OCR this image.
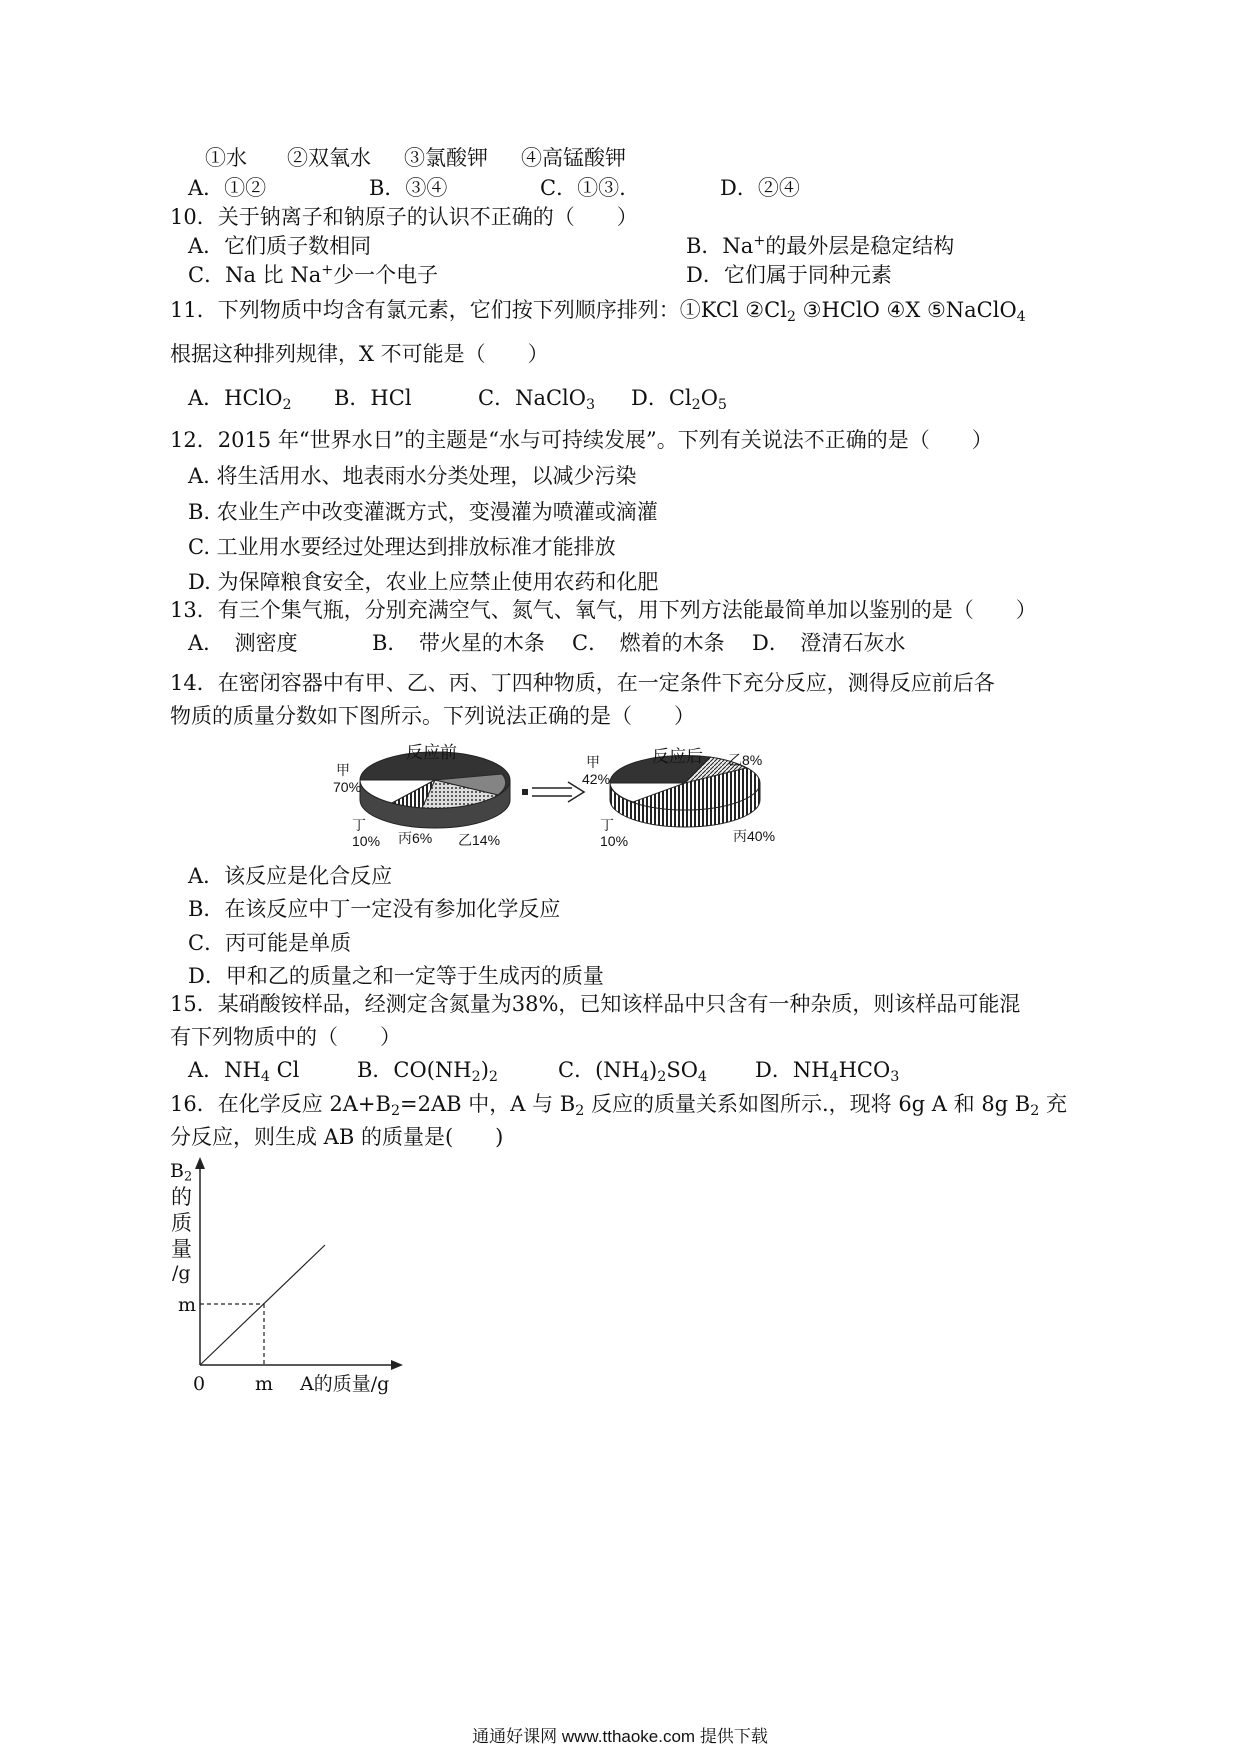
①水 ②双氧水 ③氯酸钾 ④高锰酸钾
A．①②	B．③④	C．①③.	D．②④
10．关于钠离子和钠原子的认识不正确的（　　）
A．它们质子数相同	B．Na+的最外层是稳定结构
C．Na 比 Na+少一个电子	D．它们属于同种元素
11．下列物质中均含有氯元素，它们按下列顺序排列：①KCl $②Cl_2$ ③HClO ④X ⑤NaClO$_4$
根据这种排列规律，X 不可能是（　　）
A．HClO$_2$ B．HCl	C．NaClO$_3$ D．$Cl_2O_5$
12．2015 年“世界水日”的主题是“水与可持续发展”。下列有关说法不正确的是（　　）
A. 将生活用水、地表雨水分类处理，以减少污染
B. 农业生产中改变灌溉方式，变漫灌为喷灌或滴灌
C. 工业用水要经过处理达到排放标准才能排放
D. 为保障粮食安全，农业上应禁止使用农药和化肥
13．有三个集气瓶，分别充满空气、氮气、氧气，用下列方法能最简单加以鉴别的是（　　）
A．　测密度	B．　带火星的木条 C．　燃着的木条 D．　澄清石灰水
14．在密闭容器中有甲、乙、丙、丁四种物质，在一定条件下充分反应，测得反应前后各
物质的质量分数如下图所示。下列说法正确的是（　　）
反应前
甲
70%
丁
10% 丙6% 乙14%
反应后
甲
42%
乙8%
丁
10%	丙40%
A．该反应是化合反应
B．在该反应中丁一定没有参加化学反应
C．丙可能是单质
D．甲和乙的质量之和一定等于生成丙的质量
15．某硝酸铵样品，经测定含氮量为38%，已知该样品中只含有一种杂质，则该样品可能混
有下列物质中的（　　）
A．$NH_4$ Cl	B．$CO(NH_2)_2$	C．$(NH_4)_2SO_4$ D．$NH_4HCO_3$
16．在化学反应 $2A+B_2=2AB$ 中，A 与 $B_2$ 反应的质量关系如图所示.，现将 6g A 和 8g $B_2$ 充
分反应，则生成 AB 的质量是(　　)
$B_2$
的
质
量
/g
m
0	m A的质量/g
通通好课网 www.tthaoke.com 提供下载
